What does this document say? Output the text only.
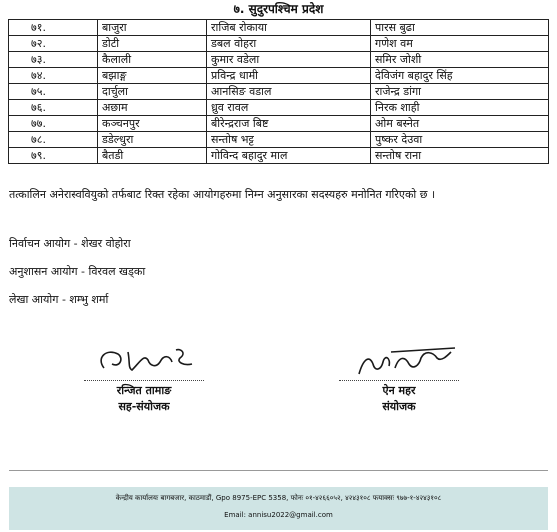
७. सुदुरपश्चिम प्रदेश
७१.	बाजुरा	राजिब रोकाया	पारस बुढा
७२.	डोटी	डबल वोहरा	गणेश वम
७३.	कैलाली	कुमार वडेला	समिर जोशी
७४.	बझाङ्ग	प्रविन्द्र धामी	देविजंग बहादुर सिंह
७५.	दार्चुला	आनसिङ वडाल	राजेन्द्र डांगा
७६.	अछाम	ध्रुव रावल	निरक शाही
७७.	कञ्चनपुर	बीरेन्द्रराज बिष्ट	ओम बस्नेत
७८.	डडेल्धुरा	सन्तोष भट्ट	पुष्कर देउवा
७९.	बैतडी	गोविन्द बहादुर माल	सन्तोष राना
तत्कालिन अनेरास्ववियुको तर्फबाट रिक्त रहेका आयोगहरुमा निम्न अनुसारका सदस्यहरु मनोनित गरिएको छ ।
निर्वाचन आयोग - शेखर वोहोरा
अनुशासन आयोग - विरवल खड्का
लेखा आयोग - शम्भु शर्मा
रन्जित तामाङ
सह-संयोजक
ऐन महर
संयोजक
केन्द्रीय कार्यालयः बागबजार, काठमाडौं, Gpo 8975-EPC 5358, फोनः ०१-४२६६०५२, ४२४३१०८ फयाक्सः ९७७-१-४२४३१०८
Email: annisu2022@gmail.com
